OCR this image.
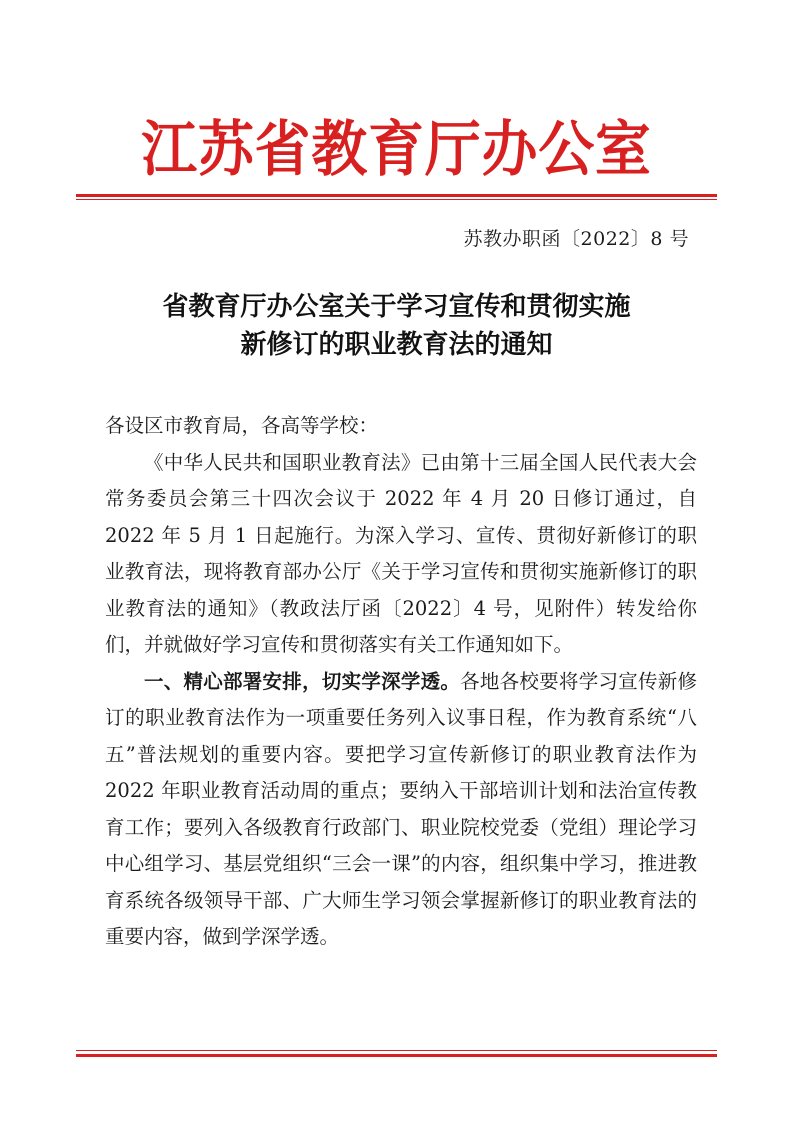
江苏省教育厅办公室
苏教办职函〔2022〕8 号
省教育厅办公室关于学习宣传和贯彻实施
新修订的职业教育法的通知

各设区市教育局，各高等学校：

《中华人民共和国职业教育法》已由第十三届全国人民代表大会常务委员会第三十四次会议于 2022 年 4 月 20 日修订通过，自 2022 年 5 月 1 日起施行。为深入学习、宣传、贯彻好新修订的职业教育法，现将教育部办公厅《关于学习宣传和贯彻实施新修订的职业教育法的通知》（教政法厅函〔2022〕4 号，见附件）转发给你们，并就做好学习宣传和贯彻落实有关工作通知如下。

一、精心部署安排，切实学深学透。各地各校要将学习宣传新修订的职业教育法作为一项重要任务列入议事日程，作为教育系统“八五”普法规划的重要内容。要把学习宣传新修订的职业教育法作为 2022 年职业教育活动周的重点；要纳入干部培训计划和法治宣传教育工作；要列入各级教育行政部门、职业院校党委（党组）理论学习中心组学习、基层党组织“三会一课”的内容，组织集中学习，推进教育系统各级领导干部、广大师生学习领会掌握新修订的职业教育法的重要内容，做到学深学透。
